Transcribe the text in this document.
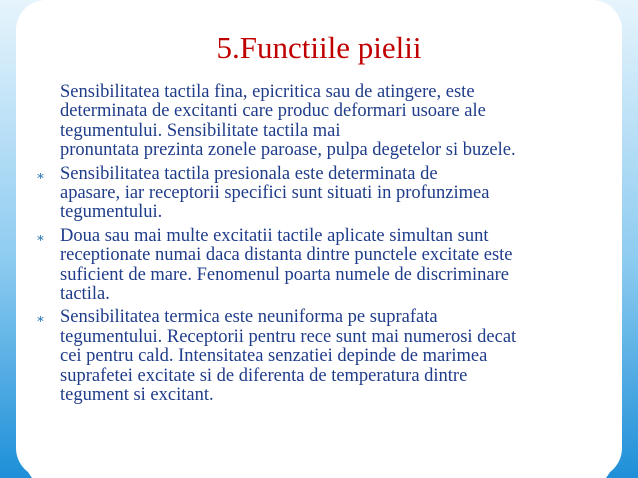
5.Functiile pielii
Sensibilitatea tactila fina, epicritica sau de atingere, este
determinata de excitanti care produc deformari usoare ale
tegumentului. Sensibilitate tactila mai
pronuntata prezinta zonele paroase, pulpa degetelor si buzele.
∗ Sensibilitatea tactila presionala este determinata de
apasare, iar receptorii specifici sunt situati in profunzimea
tegumentului.
∗ Doua sau mai multe excitatii tactile aplicate simultan sunt
receptionate numai daca distanta dintre punctele excitate este
suficient de mare. Fenomenul poarta numele de discriminare
tactila.
∗ Sensibilitatea termica este neuniforma pe suprafata
tegumentului. Receptorii pentru rece sunt mai numerosi decat
cei pentru cald. Intensitatea senzatiei depinde de marimea
suprafetei excitate si de diferenta de temperatura dintre
tegument si excitant.
